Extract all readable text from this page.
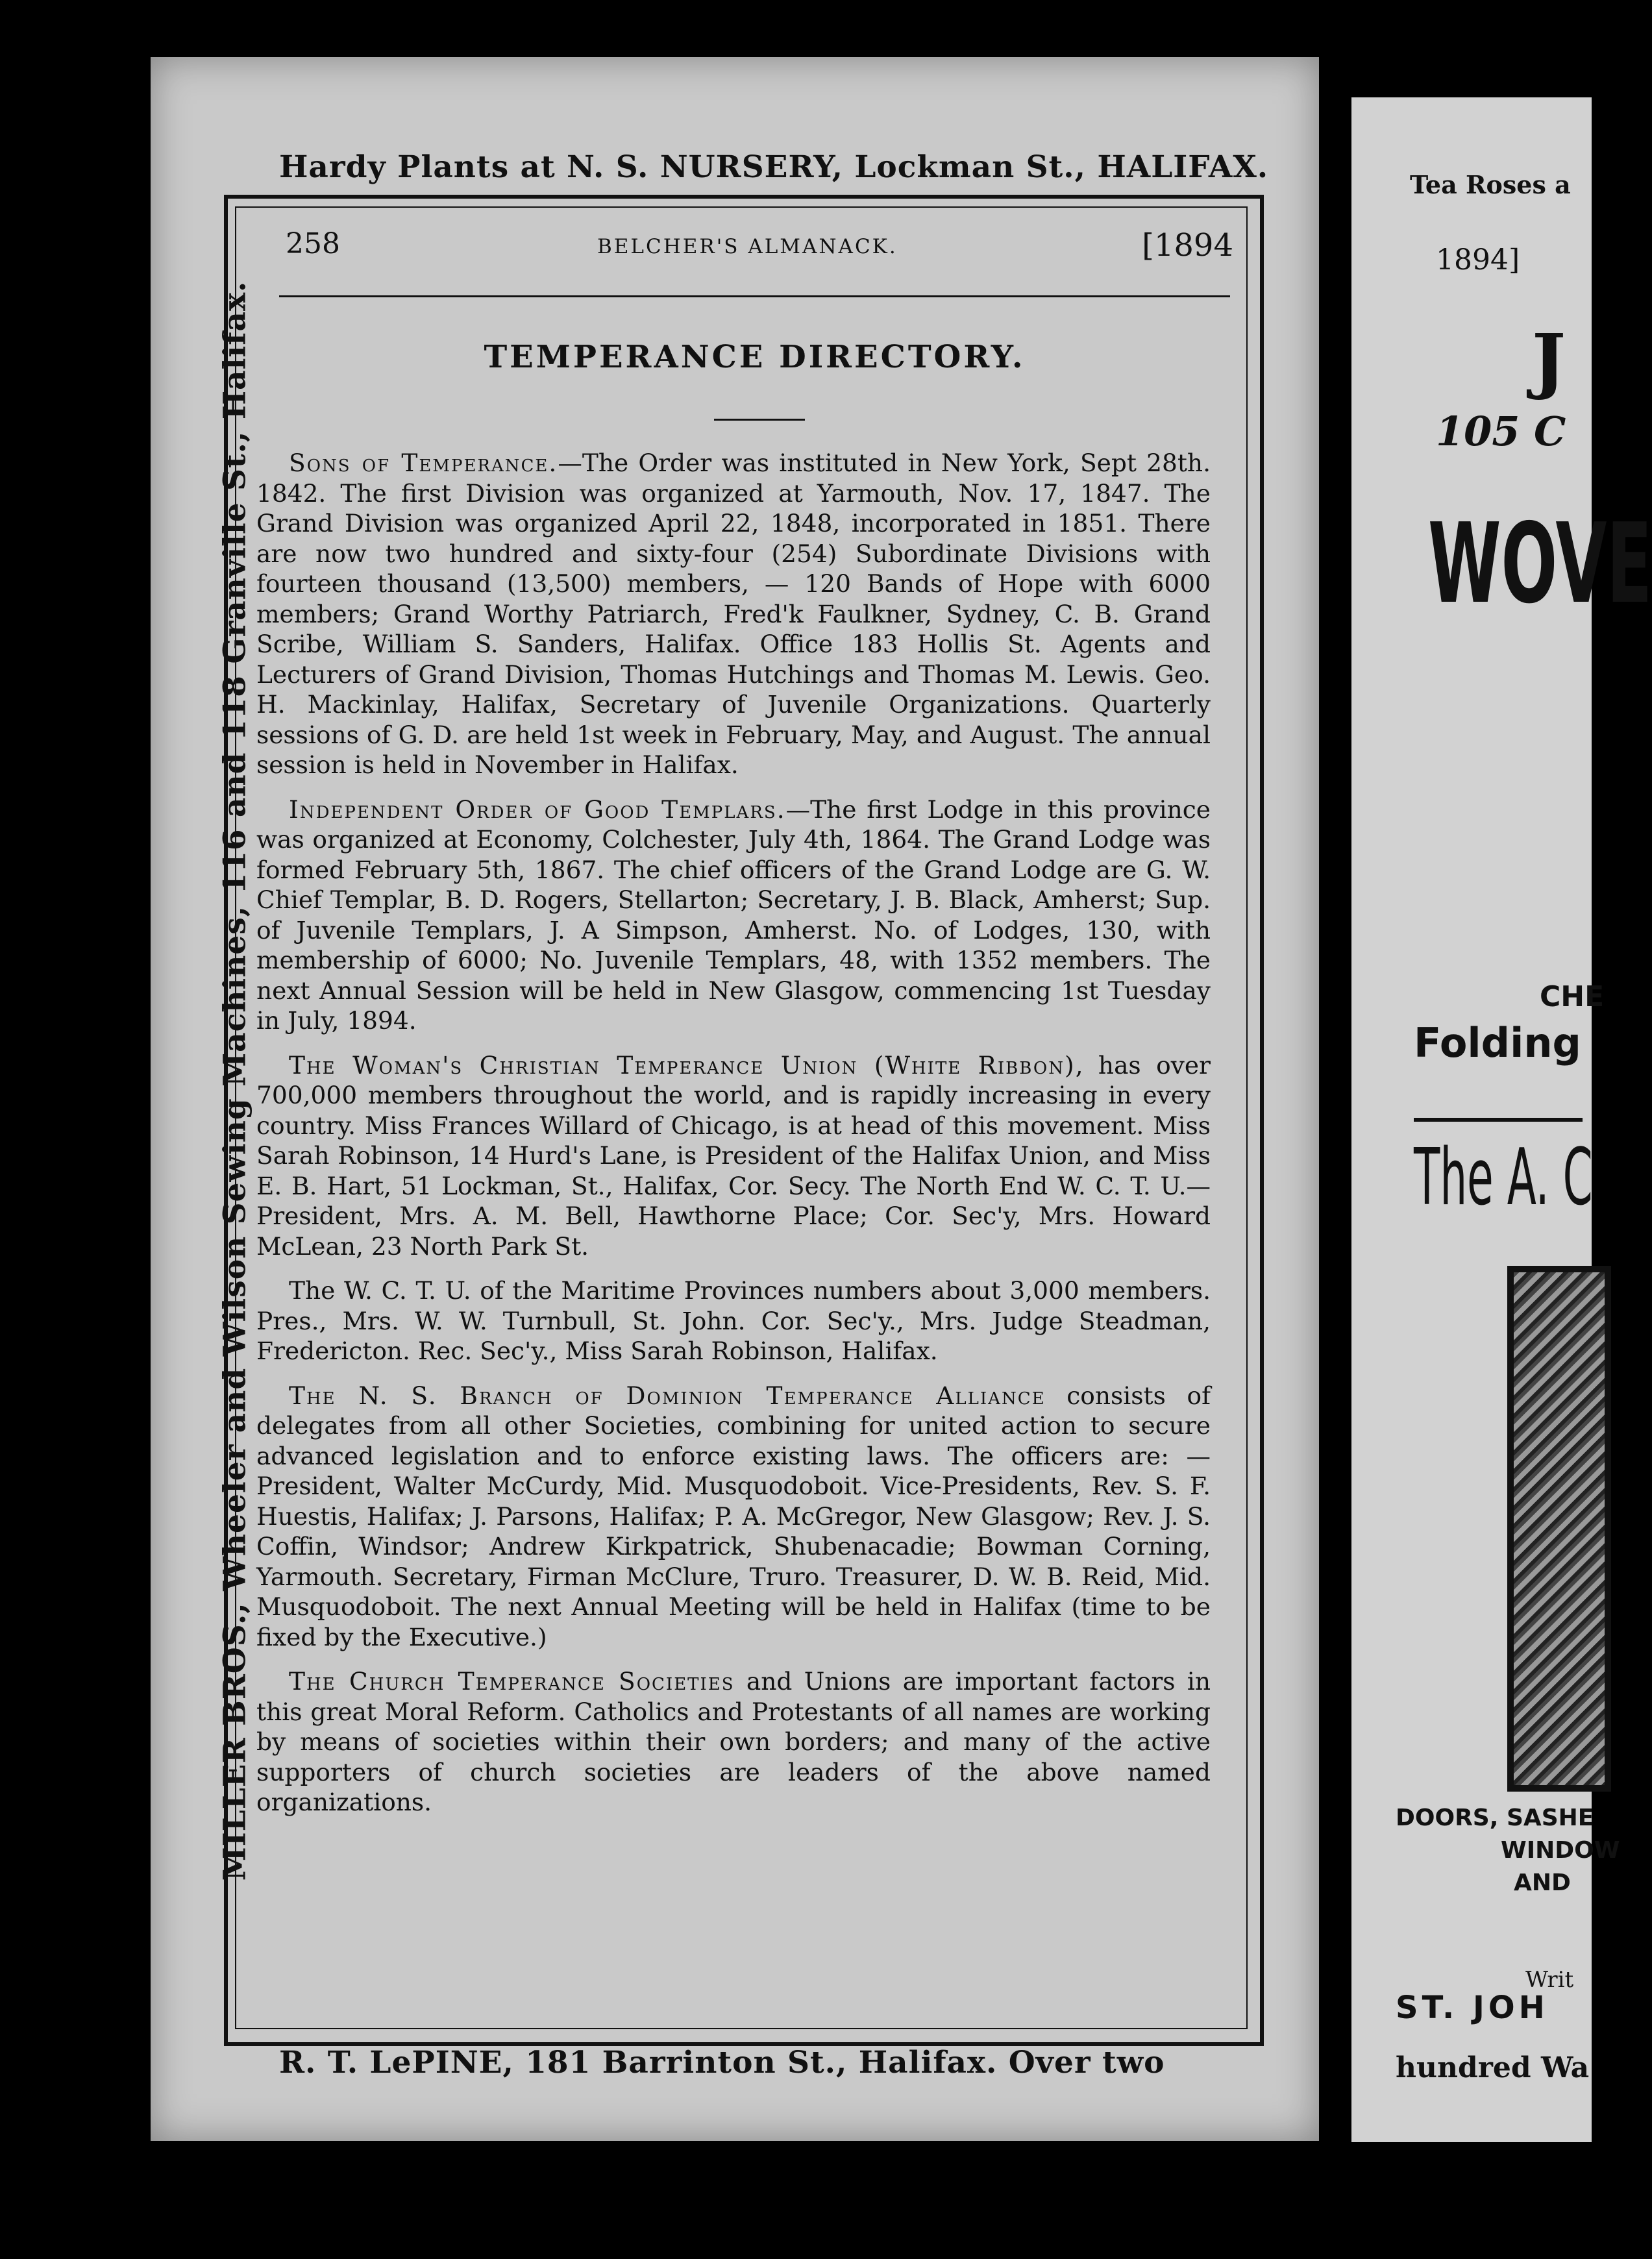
Tea Roses a
1894]
J
105 C
WOVE
CHE
Folding
The A. C
DOORS, SASHE
WINDOW
AND
Writ
ST. JOH
hundred Wa
Hardy Plants at N. S. NURSERY, Lockman St., HALIFAX.
MILLER BROS., Wheeler and Wilson Sewing Machines, 116 and 118 Granville St., Halifax.
258	BELCHER'S ALMANACK.	[1894
TEMPERANCE DIRECTORY.

Sons of Temperance.—The Order was instituted in New York, Sept 28th. 1842. The first Division was organized at Yarmouth, Nov. 17, 1847. The Grand Division was organized April 22, 1848, incorporated in 1851. There are now two hundred and sixty-four (254) Subordinate Divisions with fourteen thousand (13,500) members, — 120 Bands of Hope with 6000 members; Grand Worthy Patriarch, Fred'k Faulkner, Sydney, C. B. Grand Scribe, William S. Sanders, Halifax. Office 183 Hollis St. Agents and Lecturers of Grand Division, Thomas Hutchings and Thomas M. Lewis. Geo. H. Mackinlay, Halifax, Secretary of Juvenile Organizations. Quarterly sessions of G. D. are held 1st week in February, May, and August. The annual session is held in November in Halifax.

Independent Order of Good Templars.—The first Lodge in this province was organized at Economy, Colchester, July 4th, 1864. The Grand Lodge was formed February 5th, 1867. The chief officers of the Grand Lodge are G. W. Chief Templar, B. D. Rogers, Stellarton; Secretary, J. B. Black, Amherst; Sup. of Juvenile Templars, J. A Simpson, Amherst. No. of Lodges, 130, with membership of 6000; No. Juvenile Templars, 48, with 1352 members. The next Annual Session will be held in New Glasgow, commencing 1st Tuesday in July, 1894.

The Woman's Christian Temperance Union (White Ribbon), has over 700,000 members throughout the world, and is rapidly increasing in every country. Miss Frances Willard of Chicago, is at head of this movement. Miss Sarah Robinson, 14 Hurd's Lane, is President of the Halifax Union, and Miss E. B. Hart, 51 Lockman, St., Halifax, Cor. Secy. The North End W. C. T. U.—President, Mrs. A. M. Bell, Hawthorne Place; Cor. Sec'y, Mrs. Howard McLean, 23 North Park St.

The W. C. T. U. of the Maritime Provinces numbers about 3,000 members. Pres., Mrs. W. W. Turnbull, St. John. Cor. Sec'y., Mrs. Judge Steadman, Fredericton. Rec. Sec'y., Miss Sarah Robinson, Halifax.

The N. S. Branch of Dominion Temperance Alliance consists of delegates from all other Societies, combining for united action to secure advanced legislation and to enforce existing laws. The officers are: — President, Walter McCurdy, Mid. Musquodoboit. Vice-Presidents, Rev. S. F. Huestis, Halifax; J. Parsons, Halifax; P. A. McGregor, New Glasgow; Rev. J. S. Coffin, Windsor; Andrew Kirkpatrick, Shubenacadie; Bowman Corning, Yarmouth. Secretary, Firman McClure, Truro. Treasurer, D. W. B. Reid, Mid. Musquodoboit. The next Annual Meeting will be held in Halifax (time to be fixed by the Executive.)

The Church Temperance Societies and Unions are important factors in this great Moral Reform. Catholics and Protestants of all names are working by means of societies within their own borders; and many of the active supporters of church societies are leaders of the above named organizations.

R. T. LePINE, 181 Barrinton St., Halifax. Over two
